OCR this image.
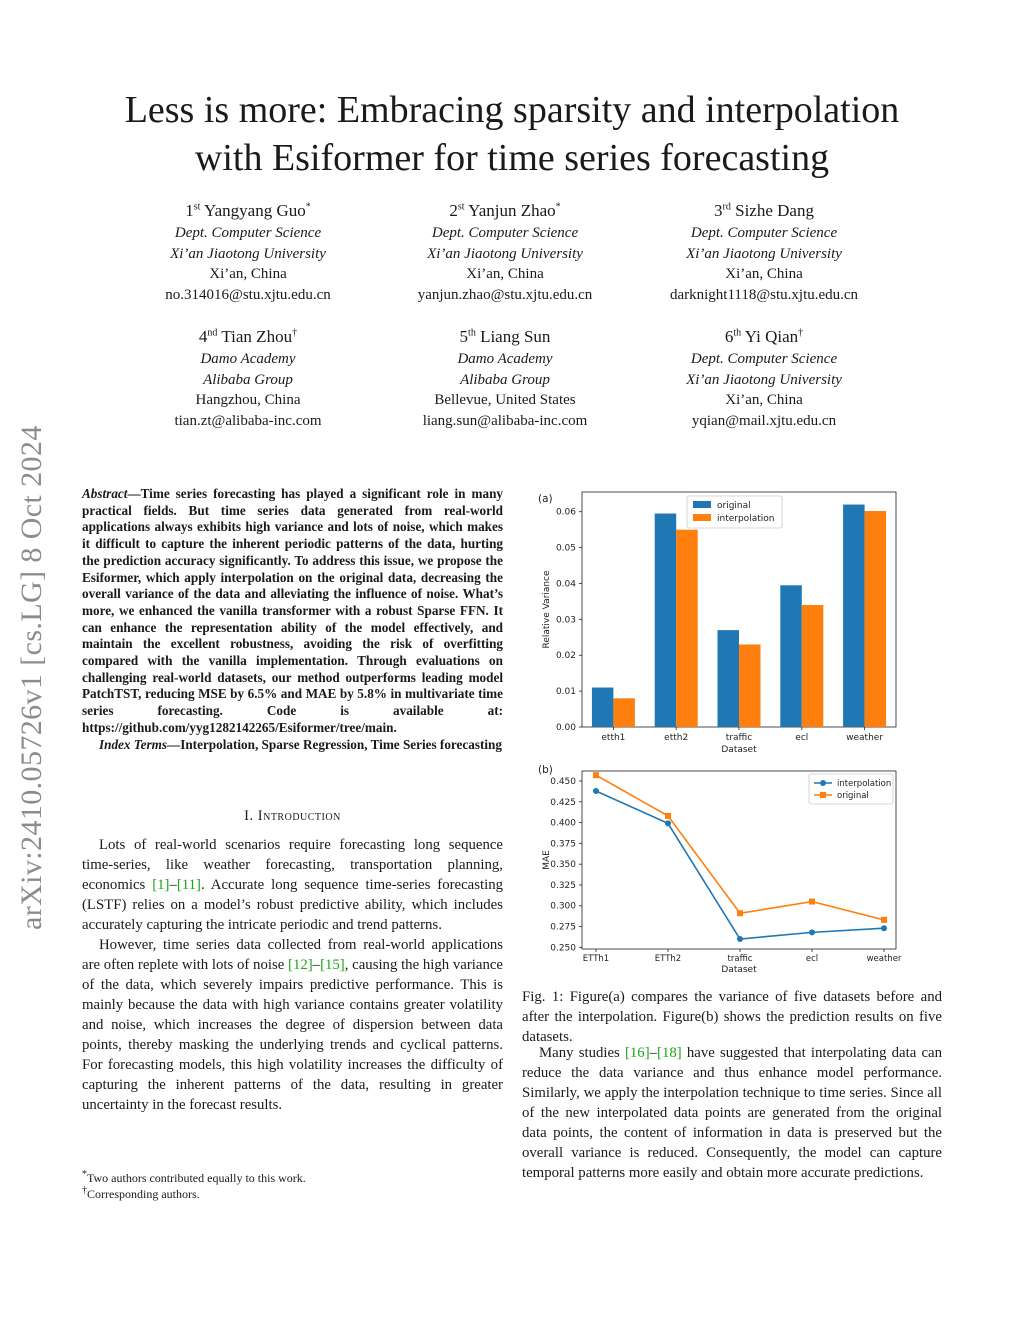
arXiv:2410.05726v1 [cs.LG] 8 Oct 2024
Less is more: Embracing sparsity and interpolation
with Esiformer for time series forecasting
1st Yangyang Guo*
Dept. Computer Science
Xi’an Jiaotong University
Xi’an, China
no.314016@stu.xjtu.edu.cn
2st Yanjun Zhao*
Dept. Computer Science
Xi’an Jiaotong University
Xi’an, China
yanjun.zhao@stu.xjtu.edu.cn
3rd Sizhe Dang
Dept. Computer Science
Xi’an Jiaotong University
Xi’an, China
darknight1118@stu.xjtu.edu.cn
4nd Tian Zhou†
Damo Academy
Alibaba Group
Hangzhou, China
tian.zt@alibaba-inc.com
5th Liang Sun
Damo Academy
Alibaba Group
Bellevue, United States
liang.sun@alibaba-inc.com
6th Yi Qian†
Dept. Computer Science
Xi’an Jiaotong University
Xi’an, China
yqian@mail.xjtu.edu.cn
Abstract—Time series forecasting has played a significant role in many practical fields. But time series data generated from real-world applications always exhibits high variance and lots of noise, which makes it difficult to capture the inherent periodic patterns of the data, hurting the prediction accuracy significantly. To address this issue, we propose the Esiformer, which apply interpolation on the original data, decreasing the overall variance of the data and alleviating the influence of noise. What’s more, we enhanced the vanilla transformer with a robust Sparse FFN. It can enhance the representation ability of the model effectively, and maintain the excellent robustness, avoiding the risk of overfitting compared with the vanilla implementation. Through evaluations on challenging real-world datasets, our method outperforms leading model PatchTST, reducing MSE by 6.5% and MAE by 5.8% in multivariate time series forecasting. Code is available at: https://github.com/yyg1282142265/Esiformer/tree/main.
Index Terms—Interpolation, Sparse Regression, Time Series forecasting
I. Introduction

Lots of real-world scenarios require forecasting long sequence time-series, like weather forecasting, transportation planning, economics [1]–[11]. Accurate long sequence time-series forecasting (LSTF) relies on a model’s robust predictive ability, which includes accurately capturing the intricate periodic and trend patterns.

However, time series data collected from real-world applications are often replete with lots of noise [12]–[15], causing the high variance of the data, which severely impairs predictive performance. This is mainly because the data with high variance contains greater volatility and noise, which increases the degree of dispersion between data points, thereby masking the underlying trends and cyclical patterns. For forecasting models, this high volatility increases the difficulty of capturing the inherent patterns of the data, resulting in greater uncertainty in the forecast results.

*Two authors contributed equally to this work.
†Corresponding authors.
(a)
0.00
0.01
0.02
0.03
0.04
0.05
0.06
etth1	etth2	traffic	ecl	weather
Dataset
Relative Variance
original
interpolation
(b)
0.250
0.275
0.300
0.325
0.350
0.375
0.400
0.425
0.450
ETTh1	ETTh2	traffic	ecl	weather
Dataset
MAE
interpolation
original
Fig. 1: Figure(a) compares the variance of five datasets before and after the interpolation. Figure(b) shows the prediction results on five datasets.

Many studies [16]–[18] have suggested that interpolating data can reduce the data variance and thus enhance model performance. Similarly, we apply the interpolation technique to time series. Since all of the new interpolated data points are generated from the original data points, the content of information in data is preserved but the overall variance is reduced. Consequently, the model can capture temporal patterns more easily and obtain more accurate predictions.
